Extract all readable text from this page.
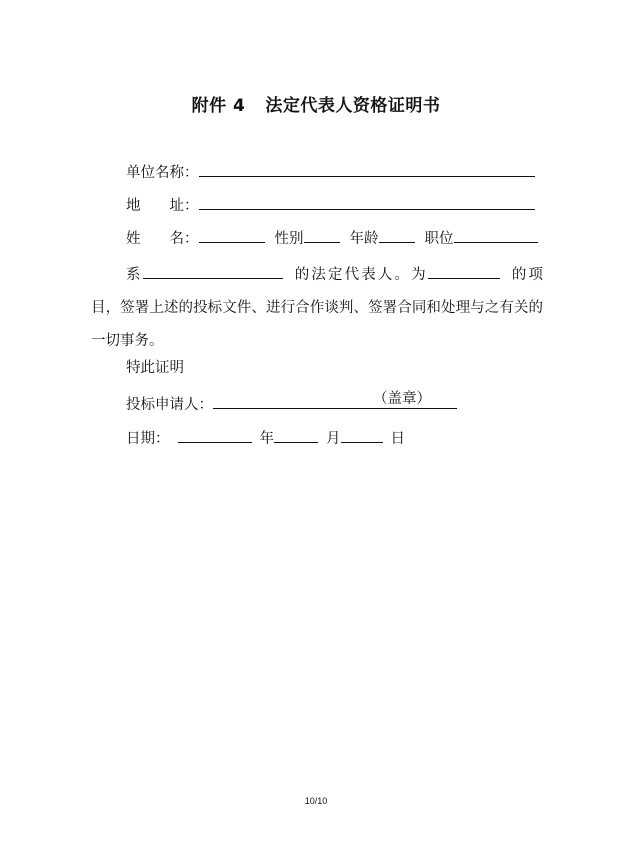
附件 4 法定代表人资格证明书
单位名称：
地　　址：
姓　　名：	性别	年龄	职位
系	的法定代表人。为	的项目，签署上述的投标文件、进行合作谈判、签署合同和处理与之有关的一切事务。
特此证明
投标申请人：	（盖章）
日期：	年	月	日
10/10
